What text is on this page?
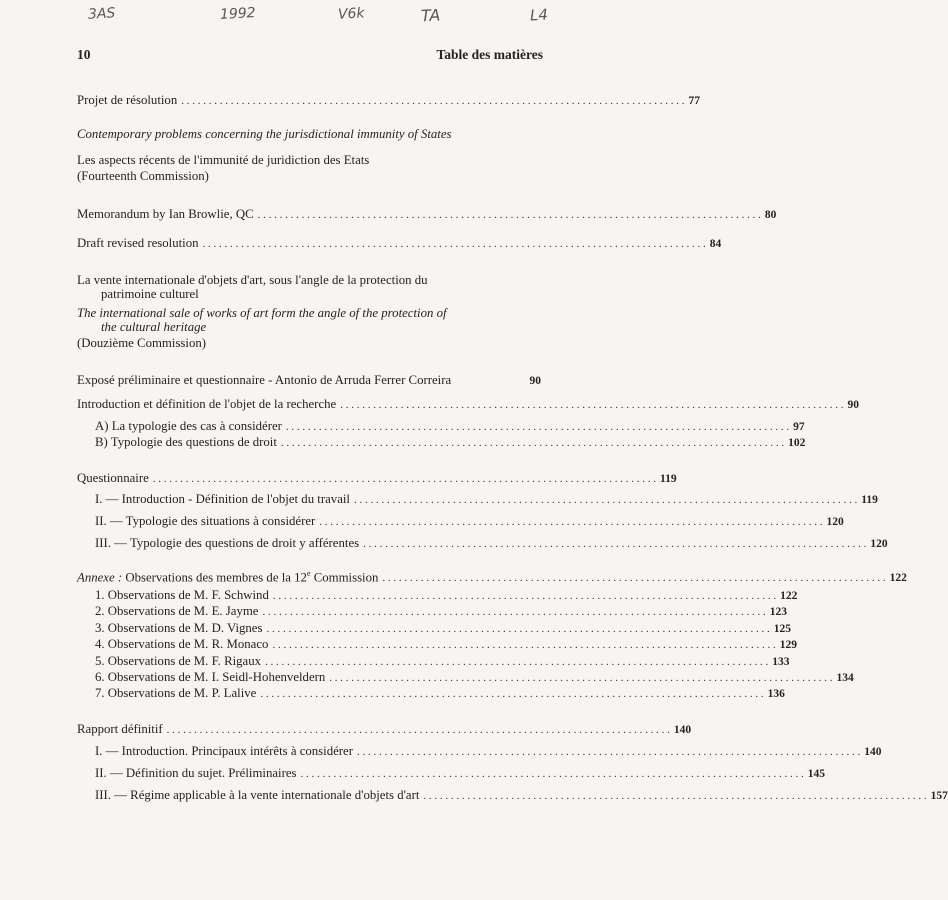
3AS	1992	V6k	TA	L4
10	Table des matières
Projet de résolution . . .	77
Contemporary problems concerning the jurisdictional immunity of States
Les aspects récents de l'immunité de juridiction des Etats
(Fourteenth Commission)
Memorandum by Ian Browlie, QC . . .	80
Draft revised resolution . . .	84
La vente internationale d'objets d'art, sous l'angle de la protection du
patrimoine culturel
The international sale of works of art form the angle of the protection of
the cultural heritage
(Douzième Commission)
Exposé préliminaire et questionnaire - Antonio de Arruda Ferrer Correira	90
Introduction et définition de l'objet de la recherche . . .	90
A) La typologie des cas à considérer . . .	97
B) Typologie des questions de droit . . .	102
Questionnaire . . .	119
I. — Introduction - Définition de l'objet du travail . . .	119
II. — Typologie des situations à considérer . . .	120
III. — Typologie des questions de droit y afférentes . . .	120
Annexe : Observations des membres de la 12e Commission . . .	122
1. Observations de M. F. Schwind . . .	122
2. Observations de M. E. Jayme . . .	123
3. Observations de M. D. Vignes . . .	125
4. Observations de M. R. Monaco . . .	129
5. Observations de M. F. Rigaux . . .	133
6. Observations de M. I. Seidl-Hohenveldern . . .	134
7. Observations de M. P. Lalive . . .	136
Rapport définitif . . .	140
I. — Introduction. Principaux intérêts à considérer . . .	140
II. — Définition du sujet. Préliminaires . . .	145
III. — Régime applicable à la vente internationale d'objets d'art . . .	157
